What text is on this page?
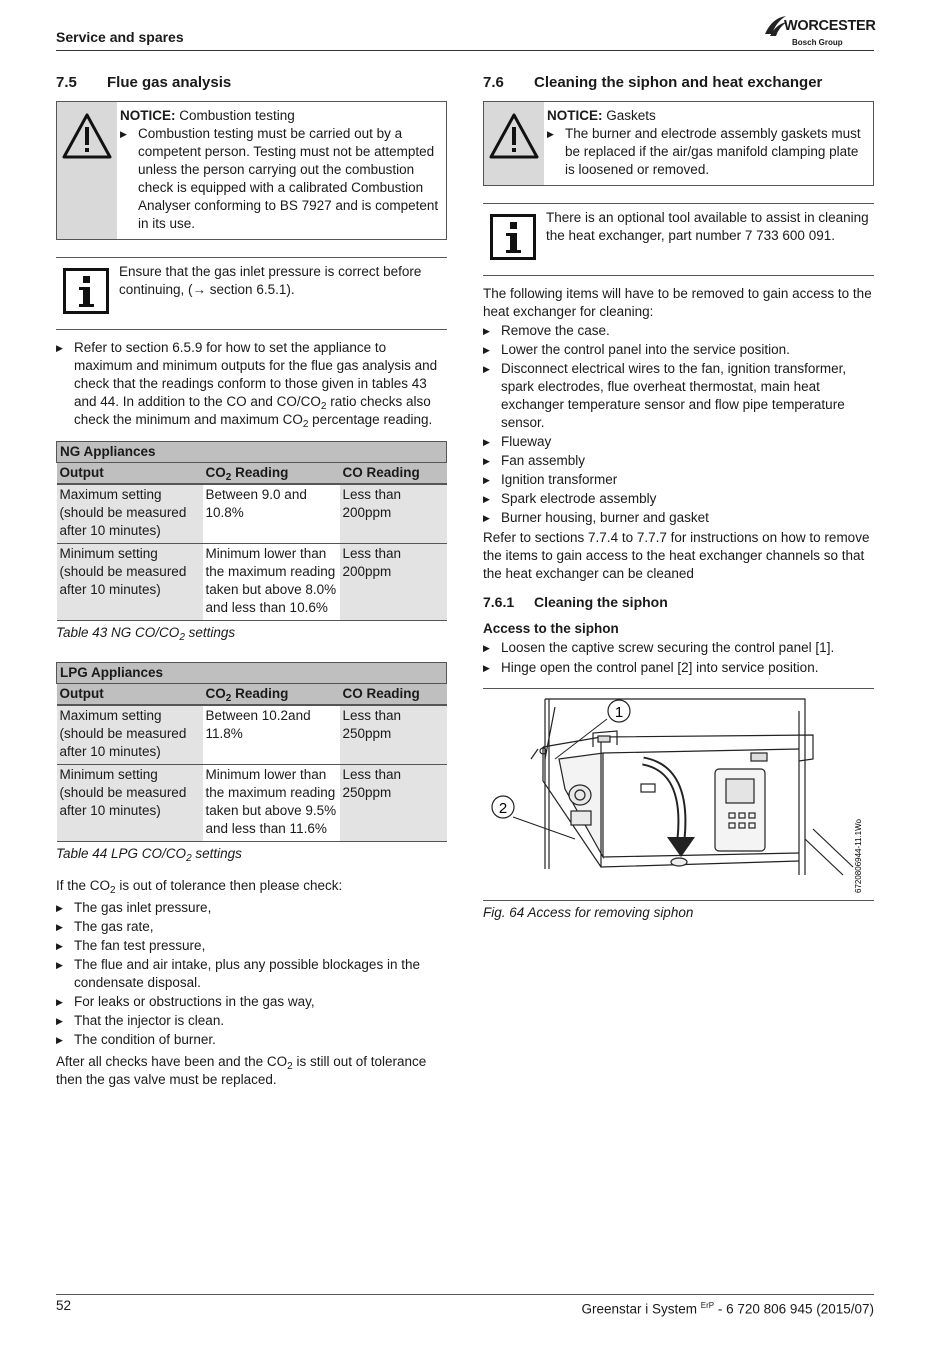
Service and spares
WORCESTER
Bosch Group
7.5 Flue gas analysis
NOTICE: Combustion testing
▶ Combustion testing must be carried out by a competent person. Testing must not be attempted unless the person carrying out the combustion check is equipped with a calibrated Combustion Analyser conforming to BS 7927 and is competent in its use.
Ensure that the gas inlet pressure is correct before continuing, (→ section 6.5.1).
▶ Refer to section 6.5.9 for how to set the appliance to maximum and minimum outputs for the flue gas analysis and check that the readings conform to those given in tables 43 and 44. In addition to the CO and $CO/CO_2$ ratio checks also check the minimum and maximum $CO_2$ percentage reading.
NG Appliances		
Output	$CO_2$ Reading	CO Reading
Maximum setting (should be measured after 10 minutes)	Between 9.0 and 10.8%	Less than 200ppm
Minimum setting (should be measured after 10 minutes)	Minimum lower than the maximum reading taken but above 8.0% and less than 10.6%	Less than 200ppm
Table 43 NG $CO/CO_2$ settings
LPG Appliances		
Output	$CO_2$ Reading	CO Reading
Maximum setting (should be measured after 10 minutes)	Between 10.2and 11.8%	Less than 250ppm
Minimum setting (should be measured after 10 minutes)	Minimum lower than the maximum reading taken but above 9.5% and less than 11.6%	Less than 250ppm
Table 44 LPG $CO/CO_2$ settings

If the $CO_2$ is out of tolerance then please check:

▶ The gas inlet pressure,
▶ The gas rate,
▶ The fan test pressure,
▶ The flue and air intake, plus any possible blockages in the condensate disposal.
▶ For leaks or obstructions in the gas way,
▶ That the injector is clean.
▶ The condition of burner.

After all checks have been and the $CO_2$ is still out of tolerance then the gas valve must be replaced.

7.6 Cleaning the siphon and heat exchanger
NOTICE: Gaskets
▶ The burner and electrode assembly gaskets must be replaced if the air/gas manifold clamping plate is loosened or removed.
There is an optional tool available to assist in cleaning the heat exchanger, part number 7 733 600 091.

The following items will have to be removed to gain access to the heat exchanger for cleaning:

▶ Remove the case.
▶ Lower the control panel into the service position.
▶ Disconnect electrical wires to the fan, ignition transformer, spark electrodes, flue overheat thermostat, main heat exchanger temperature sensor and flow pipe temperature sensor.
▶ Flueway
▶ Fan assembly
▶ Ignition transformer
▶ Spark electrode assembly
▶ Burner housing, burner and gasket

Refer to sections 7.7.4 to 7.7.7 for instructions on how to remove the items to gain access to the heat exchanger channels so that the heat exchanger can be cleaned

7.6.1 Cleaning the siphon

Access to the siphon

▶ Loosen the captive screw securing the control panel [1].
▶ Hinge open the control panel [2] into service position.
1
2
6720806944-11.1Wo
Fig. 64 Access for removing siphon
52	Greenstar i System $^{ErP}$ - 6 720 806 945 (2015/07)
